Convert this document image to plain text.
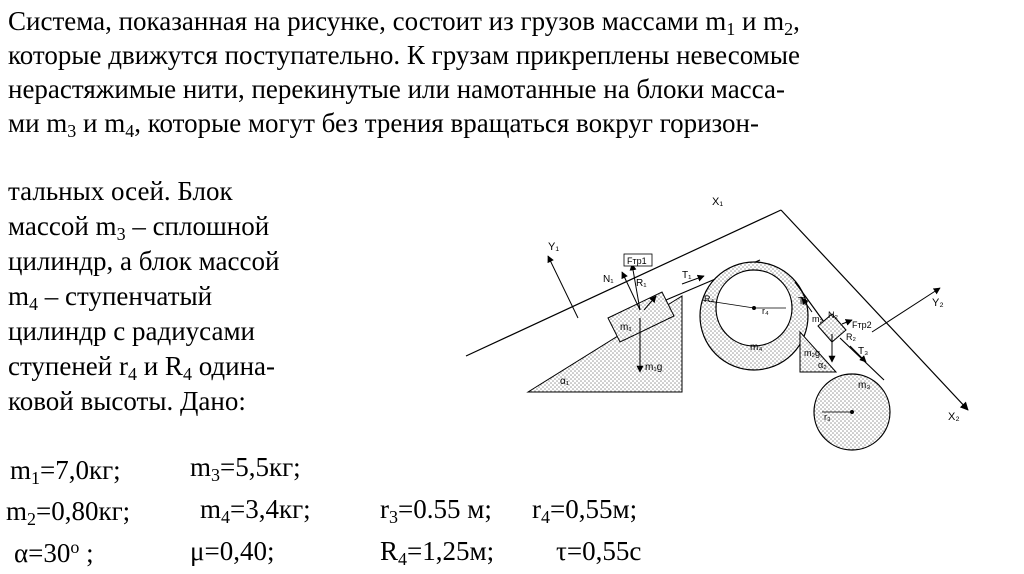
Система, показанная на рисунке, состоит из грузов массами $m_1$ и $m_2$,
которые движутся поступательно. К грузам прикреплены невесомые
нерастяжимые нити, перекинутые или намотанные на блоки масса-
ми $m_3$ и $m_4$, которые могут без трения вращаться вокруг горизон-
тальных осей. Блок
массой $m_3$ – сплошной
цилиндр, а блок массой
$m_4$ – ступенчатый
цилиндр с радиусами
ступеней $r_4$ и $R_4$ одина-
ковой высоты. Дано:
$m_1=7,0кг$;	$m_3=5,5кг$;
$m_2=0,80кг$;	$m_4=3,4кг$;	$r_3=0.55$ м; $r_4=0,55м$;
$\alpha=30^o$ ;	μ=0,40;	$R_4=1,25м$; τ=0,55с
X₁
X₂
Y₁
Y₂
α₁
m₁
m₁g
N₁
Fтр1
R₁
T₁
R₄
r₄
m₄
T₂
α₂
m₂ N₂
Fтр2
R₂
m₂g	T₃
r₃
m₃
